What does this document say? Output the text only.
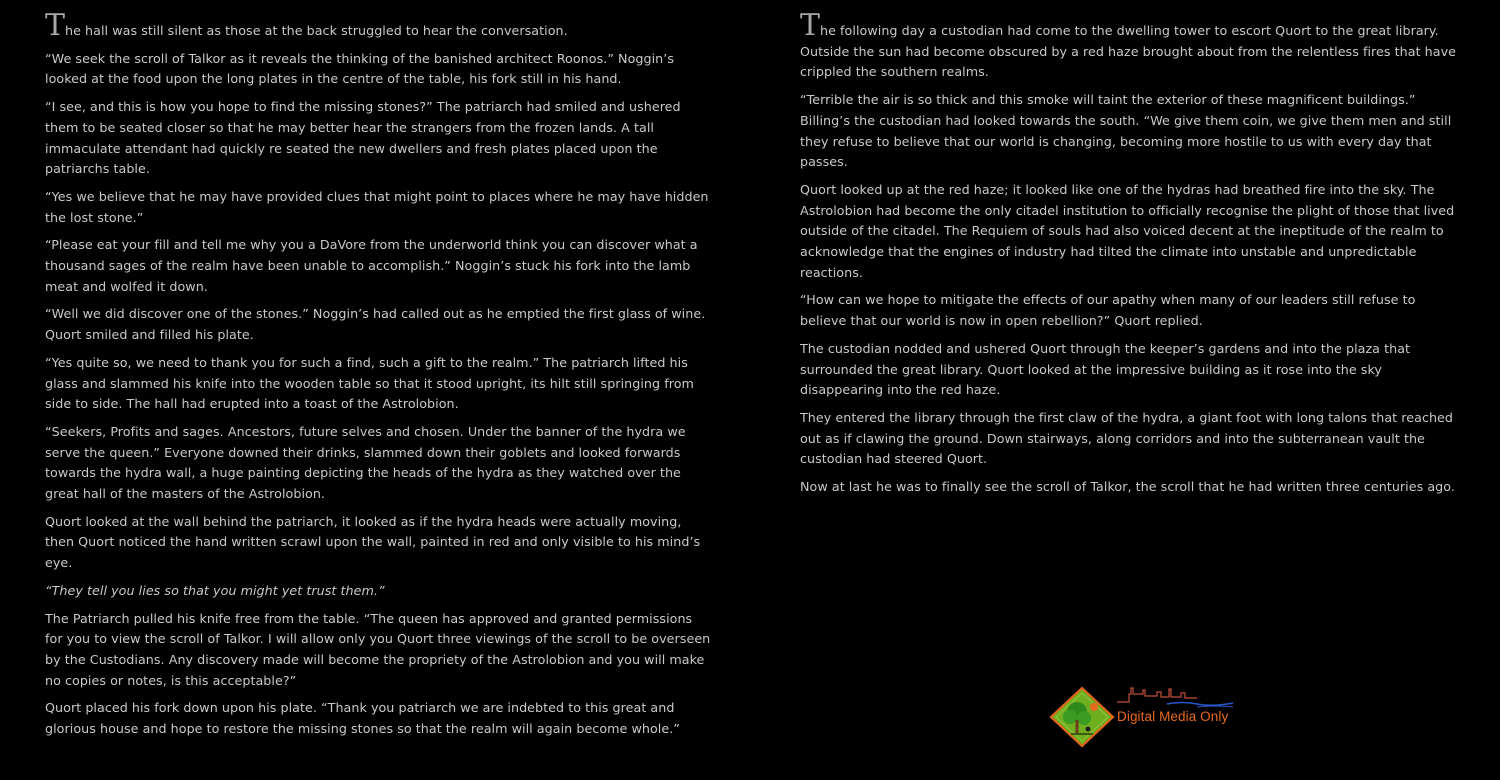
The hall was still silent as those at the back struggled to hear the conversation.

“We seek the scroll of Talkor as it reveals the thinking of the banished architect Roonos.” Noggin’s looked at the food upon the long plates in the centre of the table, his fork still in his hand.

“I see, and this is how you hope to find the missing stones?” The patriarch had smiled and ushered them to be seated closer so that he may better hear the strangers from the frozen lands. A tall immaculate attendant had quickly re seated the new dwellers and fresh plates placed upon the patriarchs table.

“Yes we believe that he may have provided clues that might point to places where he may have hidden the lost stone.”

“Please eat your fill and tell me why you a DaVore from the underworld think you can discover what a thousand sages of the realm have been unable to accomplish.” Noggin’s stuck his fork into the lamb meat and wolfed it down.

“Well we did discover one of the stones.” Noggin’s had called out as he emptied the first glass of wine. Quort smiled and filled his plate.

“Yes quite so, we need to thank you for such a find, such a gift to the realm.” The patriarch lifted his glass and slammed his knife into the wooden table so that it stood upright, its hilt still springing from side to side. The hall had erupted into a toast of the Astrolobion.

“Seekers, Profits and sages. Ancestors, future selves and chosen. Under the banner of the hydra we serve the queen.” Everyone downed their drinks, slammed down their goblets and looked forwards towards the hydra wall, a huge painting depicting the heads of the hydra as they watched over the great hall of the masters of the Astrolobion.

Quort looked at the wall behind the patriarch, it looked as if the hydra heads were actually moving, then Quort noticed the hand written scrawl upon the wall, painted in red and only visible to his mind’s eye.

“They tell you lies so that you might yet trust them.”

The Patriarch pulled his knife free from the table. “The queen has approved and granted permissions for you to view the scroll of Talkor. I will allow only you Quort three viewings of the scroll to be overseen by the Custodians. Any discovery made will become the propriety of the Astrolobion and you will make no copies or notes, is this acceptable?”

Quort placed his fork down upon his plate. “Thank you patriarch we are indebted to this great and glorious house and hope to restore the missing stones so that the realm will again become whole.”

The following day a custodian had come to the dwelling tower to escort Quort to the great library. Outside the sun had become obscured by a red haze brought about from the relentless fires that have crippled the southern realms.

“Terrible the air is so thick and this smoke will taint the exterior of these magnificent buildings.” Billing’s the custodian had looked towards the south. “We give them coin, we give them men and still they refuse to believe that our world is changing, becoming more hostile to us with every day that passes.

Quort looked up at the red haze; it looked like one of the hydras had breathed fire into the sky. The Astrolobion had become the only citadel institution to officially recognise the plight of those that lived outside of the citadel. The Requiem of souls had also voiced decent at the ineptitude of the realm to acknowledge that the engines of industry had tilted the climate into unstable and unpredictable reactions.

“How can we hope to mitigate the effects of our apathy when many of our leaders still refuse to believe that our world is now in open rebellion?” Quort replied.

The custodian nodded and ushered Quort through the keeper’s gardens and into the plaza that surrounded the great library. Quort looked at the impressive building as it rose into the sky disappearing into the red haze.

They entered the library through the first claw of the hydra, a giant foot with long talons that reached out as if clawing the ground. Down stairways, along corridors and into the subterranean vault the custodian had steered Quort.

Now at last he was to finally see the scroll of Talkor, the scroll that he had written three centuries ago.

Digital Media Only
